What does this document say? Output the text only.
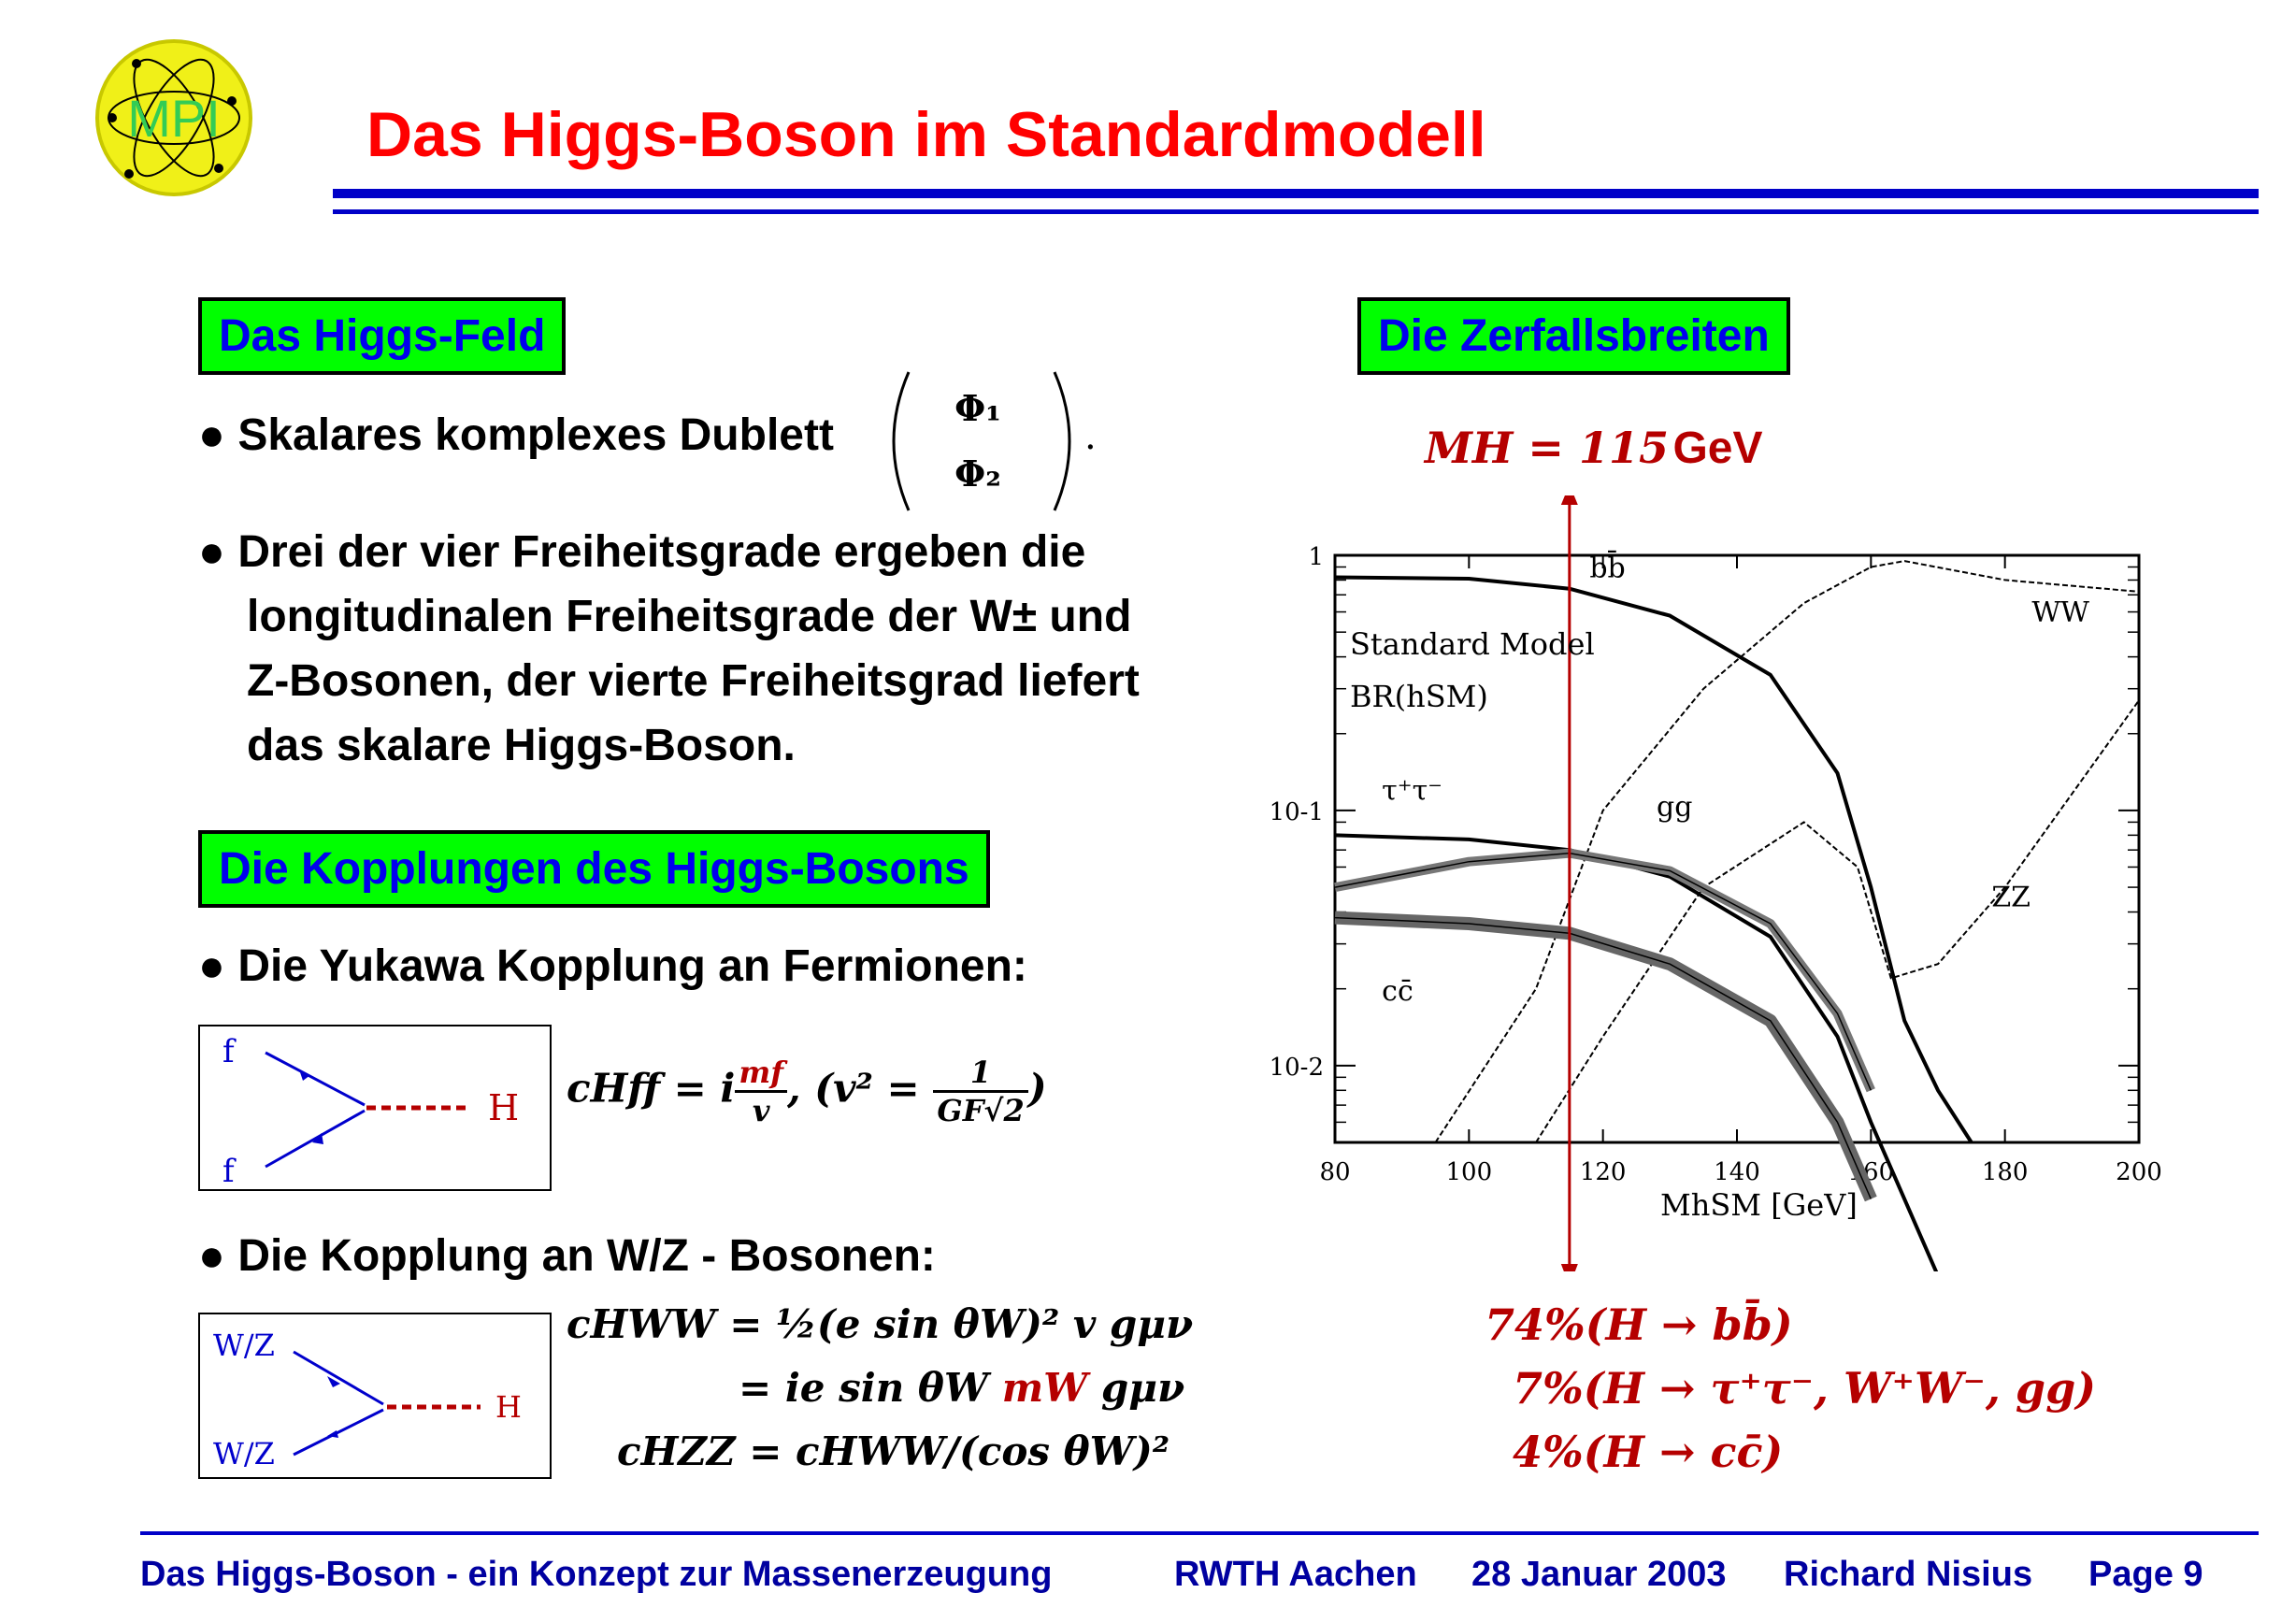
MPI Das Higgs-Boson im Standardmodell
Das Higgs-Feld
● Skalares komplexes Dublett
Φ₁
Φ₂
.
● Drei der vier Freiheitsgrade ergeben die
longitudinalen Freiheitsgrade der W± und
Z-Bosonen, der vierte Freiheitsgrad liefert
das skalare Higgs-Boson.
Die Kopplungen des Higgs-Bosons
● Die Yukawa Kopplung an Fermionen:
f
f
H cHff = i $\frac{mf}{v}$ , ($v^2 = \frac{1}{GF√2}$ )
● Die Kopplung an W/Z - Bosonen:
W/Z
W/Z
H
cHWW = ½(e sin θW)² v gμν
= ie sin θW mW gμν
cHZZ = cHWW/(cos θW)²
Die Zerfallsbreiten
MH = 115 GeV
80	100	120	140	160	180	200
1
10-1
10-2
bb̄
WW
ZZ
τ⁺τ⁻	gg
cc̄
Standard Model
BR(hSM)
MhSM [GeV]
74%(H → bb̄)
7%(H → τ⁺τ⁻, W⁺W⁻, gg)
4%(H → cc̄)
Das Higgs-Boson - ein Konzept zur Massenerzeugung	RWTH Aachen 28 Januar 2003 Richard Nisius Page 9
